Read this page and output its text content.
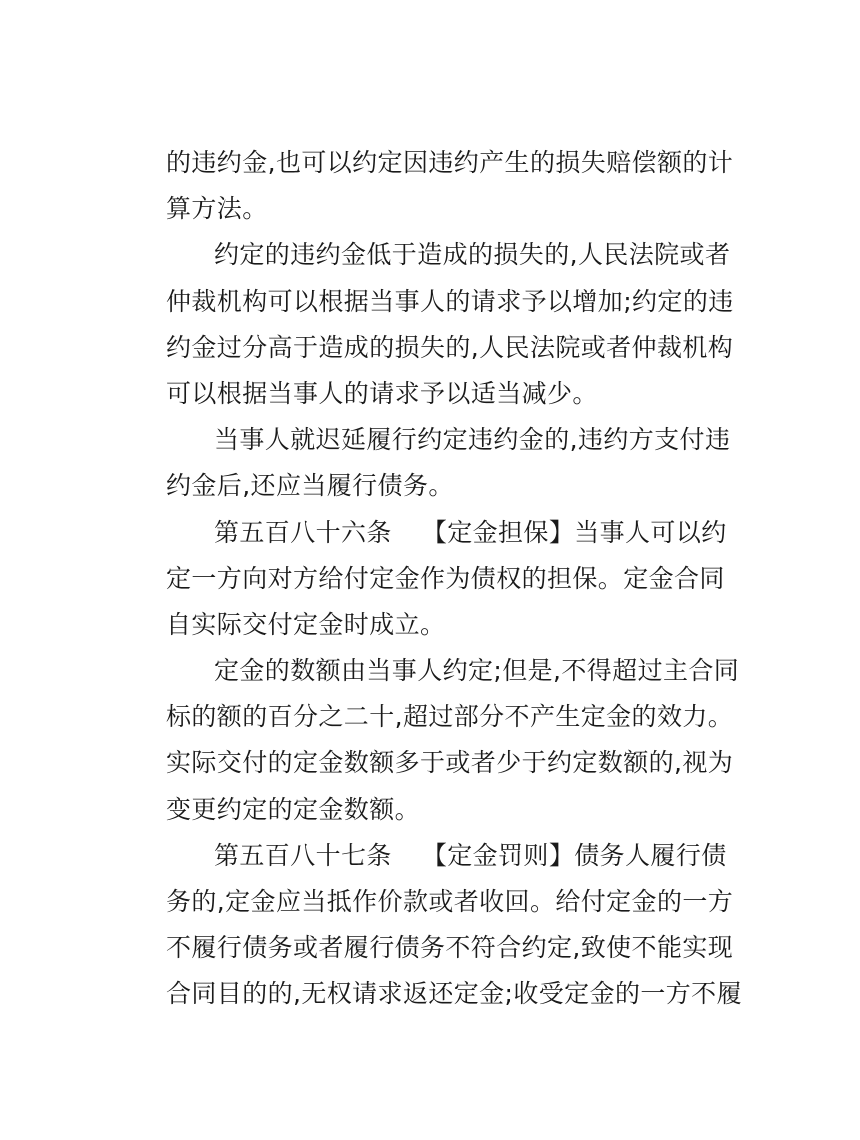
的违约金,也可以约定因违约产生的损失赔偿额的计
算方法。
约定的违约金低于造成的损失的,人民法院或者
仲裁机构可以根据当事人的请求予以增加;约定的违
约金过分高于造成的损失的,人民法院或者仲裁机构
可以根据当事人的请求予以适当减少。
当事人就迟延履行约定违约金的,违约方支付违
约金后,还应当履行债务。
第五百八十六条 【定金担保】当事人可以约
定一方向对方给付定金作为债权的担保。定金合同
自实际交付定金时成立。
定金的数额由当事人约定;但是,不得超过主合同
标的额的百分之二十,超过部分不产生定金的效力。
实际交付的定金数额多于或者少于约定数额的,视为
变更约定的定金数额。
第五百八十七条 【定金罚则】债务人履行债
务的,定金应当抵作价款或者收回。给付定金的一方
不履行债务或者履行债务不符合约定,致使不能实现
合同目的的,无权请求返还定金;收受定金的一方不履
